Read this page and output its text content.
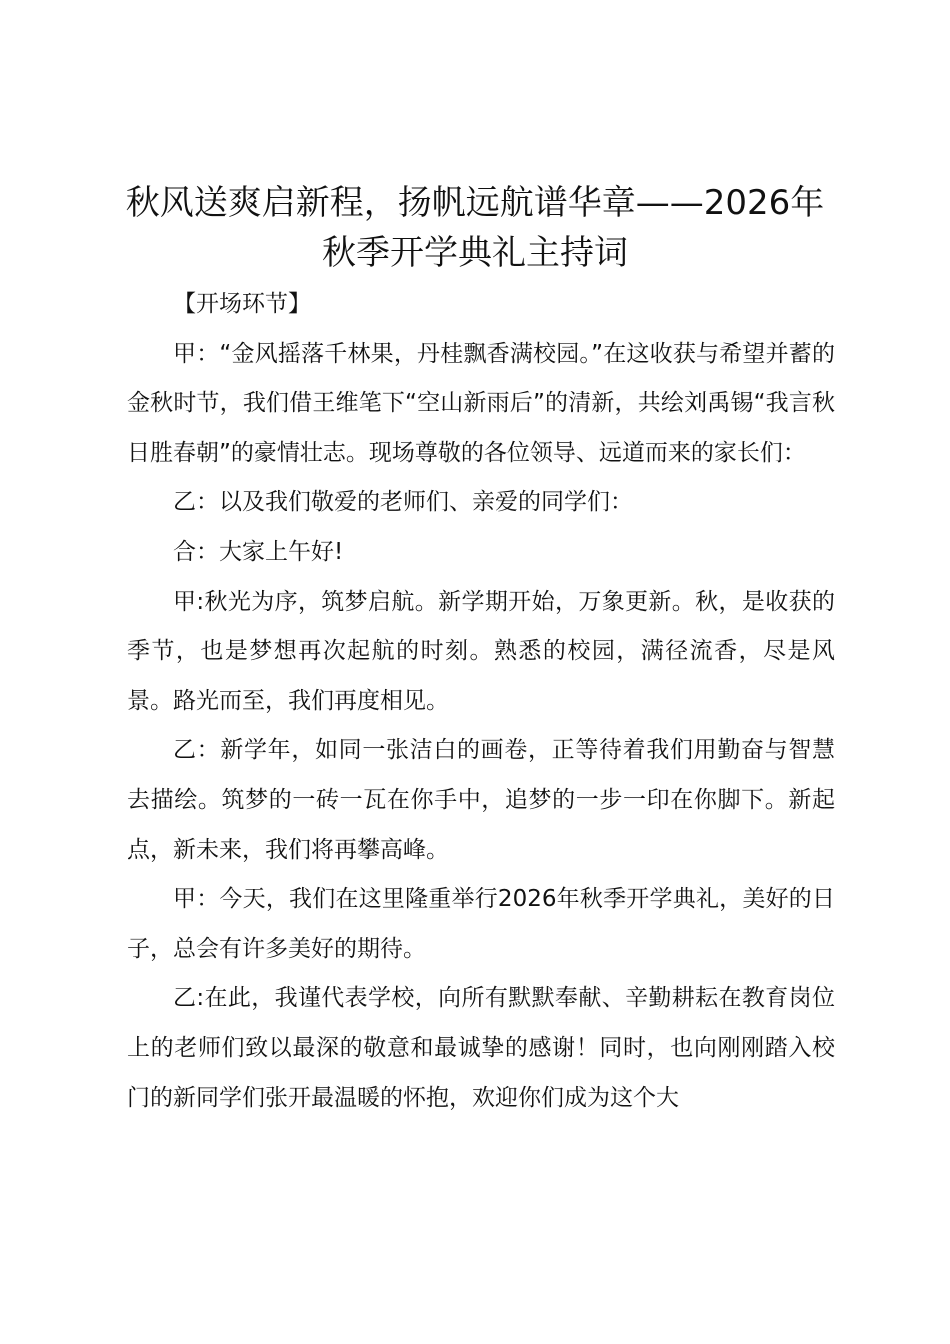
秋风送爽启新程，扬帆远航谱华章——2026年秋季开学典礼主持词

【开场环节】

甲：“金风摇落千林果，丹桂飘香满校园。”在这收获与希望并蓄的金秋时节，我们借王维笔下“空山新雨后”的清新，共绘刘禹锡“我言秋日胜春朝”的豪情壮志。现场尊敬的各位领导、远道而来的家长们：

乙：以及我们敬爱的老师们、亲爱的同学们：

合：大家上午好!

甲:秋光为序，筑梦启航。新学期开始，万象更新。秋，是收获的季节，也是梦想再次起航的时刻。熟悉的校园，满径流香，尽是风景。路光而至，我们再度相见。

乙：新学年，如同一张洁白的画卷，正等待着我们用勤奋与智慧去描绘。筑梦的一砖一瓦在你手中，追梦的一步一印在你脚下。新起点，新未来，我们将再攀高峰。

甲：今天，我们在这里隆重举行2026年秋季开学典礼，美好的日子，总会有许多美好的期待。

乙:在此，我谨代表学校，向所有默默奉献、辛勤耕耘在教育岗位上的老师们致以最深的敬意和最诚挚的感谢！同时，也向刚刚踏入校门的新同学们张开最温暖的怀抱，欢迎你们成为这个大
